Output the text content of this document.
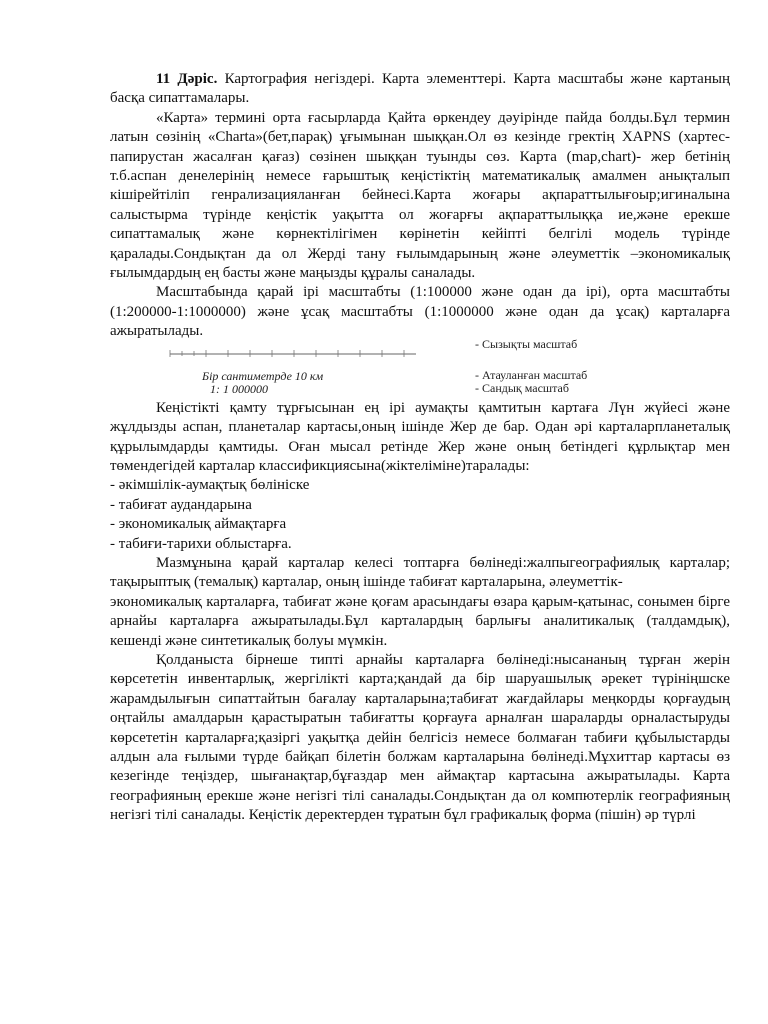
11 Дәріс. Картография негіздері. Карта элементтері. Карта масштабы және картаның басқа сипаттамалары.

«Карта» термині орта ғасырларда Қайта өркендеу дәуірінде пайда болды.Бұл термин латын сөзінің «Charta»(бет,парақ) ұғымынан шыққан.Ол өз кезінде гректің ХАРNS (хартес- папирустан жасалған қағаз) сөзінен шыққан туынды сөз. Карта (map,chart)- жер бетінің т.б.аспан денелерінің немесе ғарыштық кеңістіктің математикалық амалмен анықталып кішірейтіліп генрализацияланған бейнесі.Карта жоғары ақпараттылығоыр;игиналына салыстырма түрінде кеңістік уақытта ол жоғарғы ақпараттылыққа ие,және ерекше сипаттамалық және көрнектілігімен көрінетін кейіпті белгілі модель түрінде қаралады.Сондықтан да ол Жерді тану ғылымдарының және әлеуметтік –экономикалық ғылымдардың ең басты және маңызды құралы саналады.

Масштабында қарай ірі масштабты (1:100000 және одан да ірі), орта масштабты (1:200000-1:1000000) және ұсақ масштабты (1:1000000 және одан да ұсақ) карталарға ажыратылады.

Бір сантиметрде 10 км
1: 1 000000
- Сызықты масштаб
- Атауланған масштаб
- Сандық масштаб

Кеңістікті қамту тұрғысынан ең ірі аумақты қамтитын картаға Лүн жүйесі және жұлдызды аспан, планеталар картасы,оның ішінде Жер де бар. Одан әрі карталарпланеталық құрылымдарды қамтиды. Оған мысал ретінде Жер және оның бетіндегі құрлықтар мен төмендегідей карталар классификциясына(жіктеліміне)таралады:

- әкімшілік-аумақтық бөлініске

- табиғат аудандарына

- экономикалық аймақтарға

- табиғи-тарихи облыстарға.

Мазмұнына қарай карталар келесі топтарға бөлінеді:жалпыгеографиялық карталар; тақырыптық (темалық) карталар, оның ішінде табиғат карталарына, әлеуметтік-

экономикалық карталарға, табиғат және қоғам арасындағы өзара қарым-қатынас, сонымен бірге арнайы карталарға ажыратылады.Бұл карталардың барлығы аналитикалық (талдамдық), кешенді және синтетикалық болуы мүмкін.

Қолданыста бірнеше типті арнайы карталарға бөлінеді:нысананың тұрған жерін көрсететін инвентарлық, жергілікті карта;қандай да бір шаруашылық әрекет түрініңшске жарамдылығын сипаттайтын бағалау карталарына;табиғат жағдайлары меңкорды қорғаудың оңтайлы амалдарын қарастыратын табиғатты қорғауға арналған шараларды орналастыруды көрсететін карталарға;қазіргі уақытқа дейін белгісіз немесе болмаған табиғи құбылыстарды алдын ала ғылыми түрде байқап білетін болжам карталарына бөлінеді.Мұхиттар картасы өз кезегінде теңіздер, шығанақтар,бұғаздар мен аймақтар картасына ажыратылады. Карта географияның ерекше және негізгі тілі саналады.Сондықтан да ол компютерлік географияның негізгі тілі саналады. Кеңістік деректерден тұратын бұл графикалық форма (пішін) әр түрлі
